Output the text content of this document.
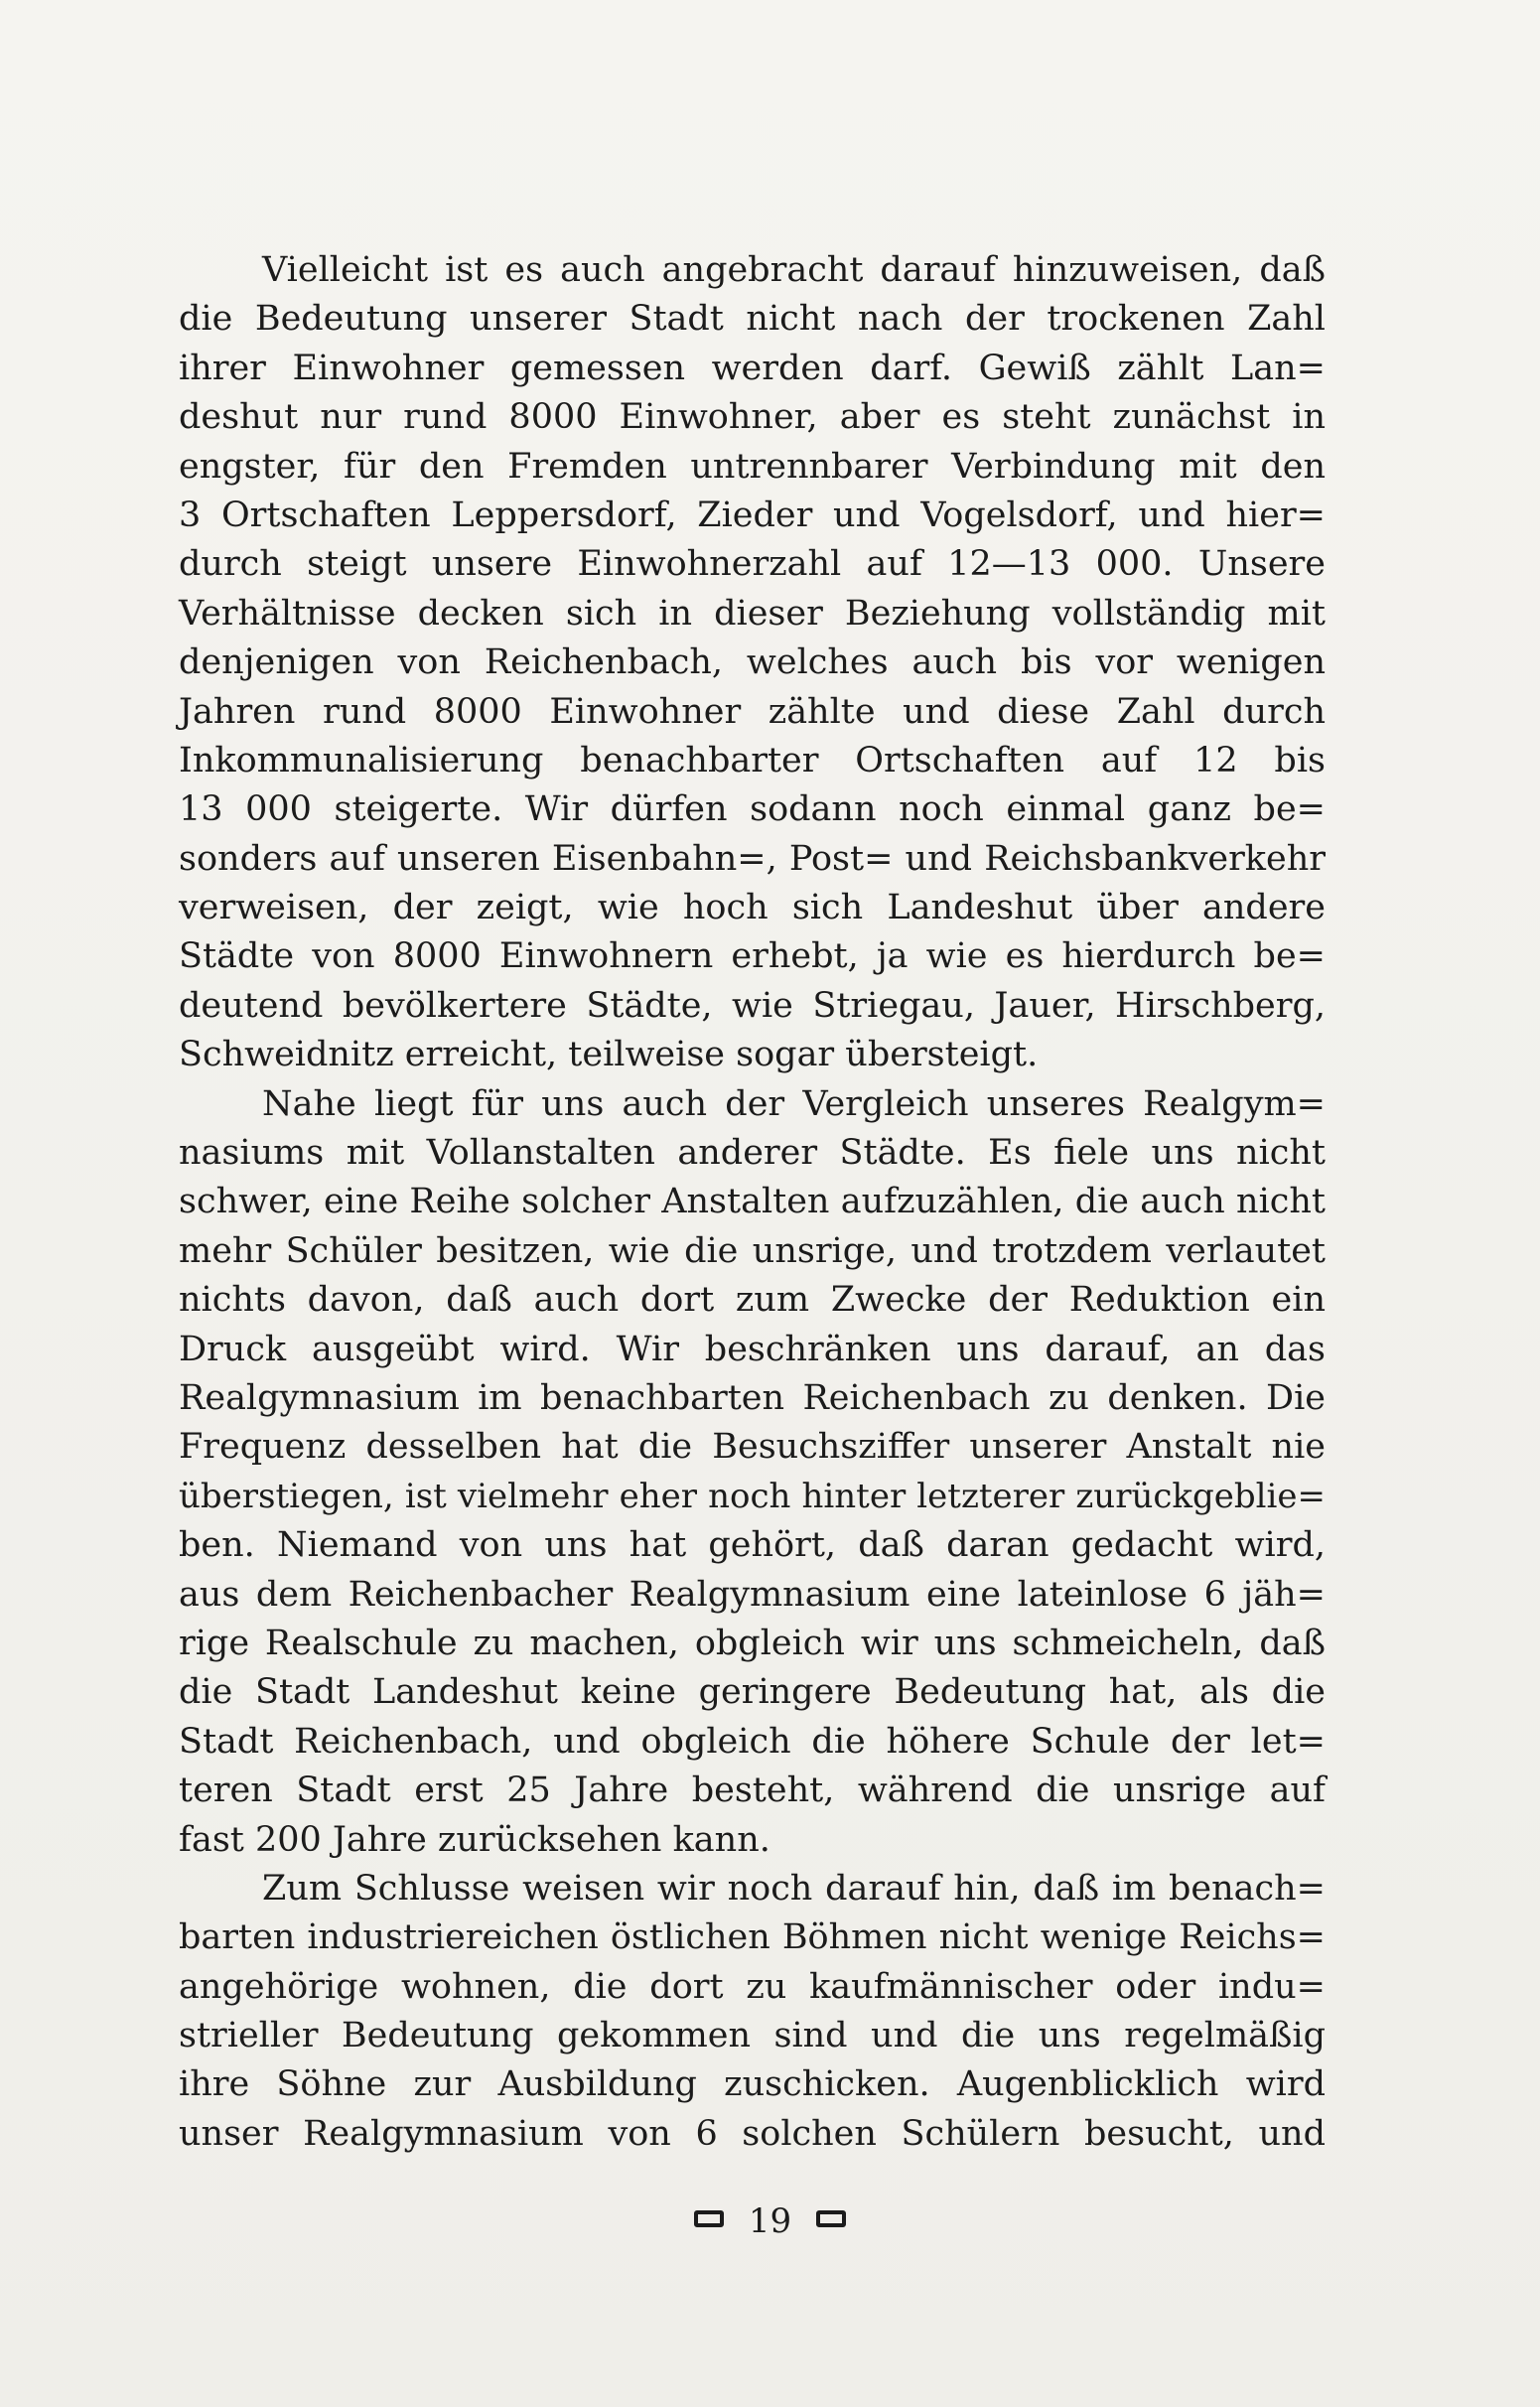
Vielleicht ist es auch angebracht darauf hinzuweisen, daß
die Bedeutung unserer Stadt nicht nach der trockenen Zahl
ihrer Einwohner gemessen werden darf. Gewiß zählt Lan=
deshut nur rund 8000 Einwohner, aber es steht zunächst in
engster, für den Fremden untrennbarer Verbindung mit den
3 Ortschaften Leppersdorf, Zieder und Vogelsdorf, und hier=
durch steigt unsere Einwohnerzahl auf 12—13 000. Unsere
Verhältnisse decken sich in dieser Beziehung vollständig mit
denjenigen von Reichenbach, welches auch bis vor wenigen
Jahren rund 8000 Einwohner zählte und diese Zahl durch
Inkommunalisierung benachbarter Ortschaften auf 12 bis
13 000 steigerte. Wir dürfen sodann noch einmal ganz be=
sonders auf unseren Eisenbahn=, Post= und Reichsbankverkehr
verweisen, der zeigt, wie hoch sich Landeshut über andere
Städte von 8000 Einwohnern erhebt, ja wie es hierdurch be=
deutend bevölkertere Städte, wie Striegau, Jauer, Hirschberg,
Schweidnitz erreicht, teilweise sogar übersteigt.
Nahe liegt für uns auch der Vergleich unseres Realgym=
nasiums mit Vollanstalten anderer Städte. Es fiele uns nicht
schwer, eine Reihe solcher Anstalten aufzuzählen, die auch nicht
mehr Schüler besitzen, wie die unsrige, und trotzdem verlautet
nichts davon, daß auch dort zum Zwecke der Reduktion ein
Druck ausgeübt wird. Wir beschränken uns darauf, an das
Realgymnasium im benachbarten Reichenbach zu denken. Die
Frequenz desselben hat die Besuchsziffer unserer Anstalt nie
überstiegen, ist vielmehr eher noch hinter letzterer zurückgeblie=
ben. Niemand von uns hat gehört, daß daran gedacht wird,
aus dem Reichenbacher Realgymnasium eine lateinlose 6 jäh=
rige Realschule zu machen, obgleich wir uns schmeicheln, daß
die Stadt Landeshut keine geringere Bedeutung hat, als die
Stadt Reichenbach, und obgleich die höhere Schule der let=
teren Stadt erst 25 Jahre besteht, während die unsrige auf
fast 200 Jahre zurücksehen kann.
Zum Schlusse weisen wir noch darauf hin, daß im benach=
barten industriereichen östlichen Böhmen nicht wenige Reichs=
angehörige wohnen, die dort zu kaufmännischer oder indu=
strieller Bedeutung gekommen sind und die uns regelmäßig
ihre Söhne zur Ausbildung zuschicken. Augenblicklich wird
unser Realgymnasium von 6 solchen Schülern besucht, und
19
